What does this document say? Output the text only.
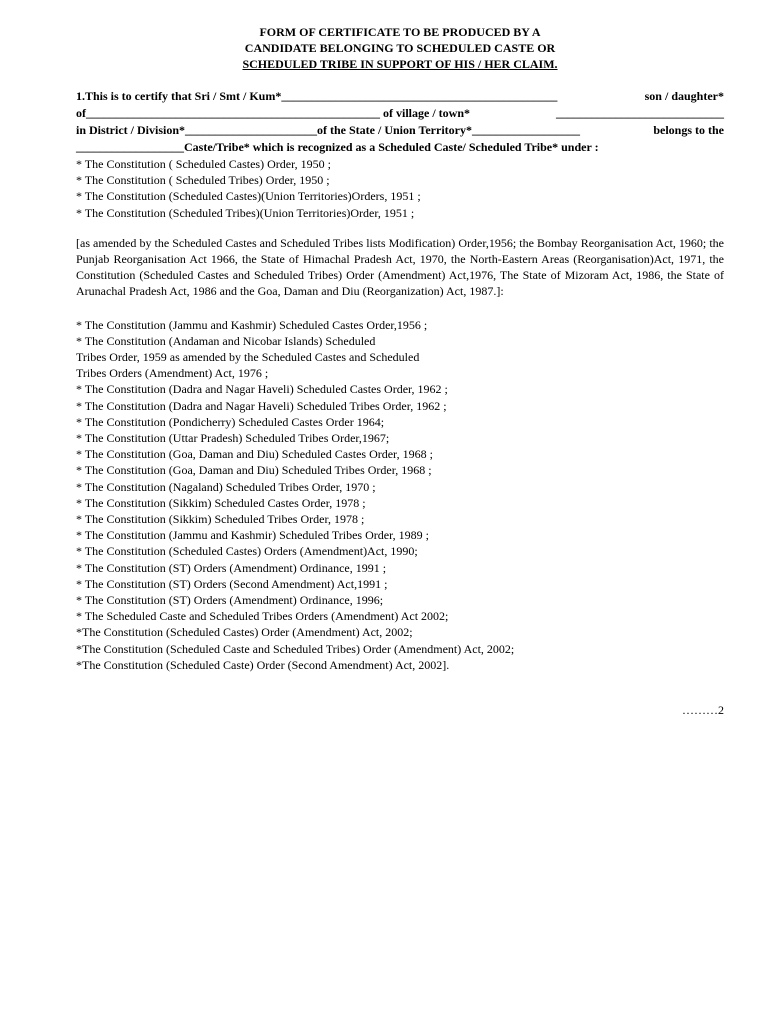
FORM OF CERTIFICATE TO BE PRODUCED BY A
CANDIDATE BELONGING TO SCHEDULED CASTE OR
SCHEDULED TRIBE IN SUPPORT OF HIS / HER CLAIM.
1.This is to certify that Sri / Smt / Kum*______________________________________________	son / daughter*
of_________________________________________________ of village / town*	____________________________
in District / Division*______________________of the State / Union Territory*__________________	belongs to the
__________________Caste/Tribe* which is recognized as a Scheduled Caste/ Scheduled Tribe* under :
* The Constitution ( Scheduled Castes) Order, 1950 ;
* The Constitution ( Scheduled Tribes) Order, 1950 ;
* The Constitution (Scheduled Castes)(Union Territories)Orders, 1951 ;
* The Constitution (Scheduled Tribes)(Union Territories)Order, 1951 ;
[as amended by the Scheduled Castes and Scheduled Tribes lists Modification) Order,1956; the Bombay Reorganisation Act, 1960; the Punjab Reorganisation Act 1966, the State of Himachal Pradesh Act, 1970, the North-Eastern Areas (Reorganisation)Act, 1971, the Constitution (Scheduled Castes and Scheduled Tribes) Order (Amendment) Act,1976, The State of Mizoram Act, 1986, the State of Arunachal Pradesh Act, 1986 and the Goa, Daman and Diu (Reorganization) Act, 1987.]:
* The Constitution (Jammu and Kashmir) Scheduled Castes Order,1956 ;
* The Constitution (Andaman and Nicobar Islands) Scheduled
Tribes Order, 1959 as amended by the Scheduled Castes and Scheduled
Tribes Orders (Amendment) Act, 1976 ;
* The Constitution (Dadra and Nagar Haveli) Scheduled Castes Order, 1962 ;
* The Constitution (Dadra and Nagar Haveli) Scheduled Tribes Order, 1962 ;
* The Constitution (Pondicherry) Scheduled Castes Order 1964;
* The Constitution (Uttar Pradesh) Scheduled Tribes Order,1967;
* The Constitution (Goa, Daman and Diu) Scheduled Castes Order, 1968 ;
* The Constitution (Goa, Daman and Diu) Scheduled Tribes Order, 1968 ;
* The Constitution (Nagaland) Scheduled Tribes Order, 1970 ;
* The Constitution (Sikkim) Scheduled Castes Order, 1978 ;
* The Constitution (Sikkim) Scheduled Tribes Order, 1978 ;
* The Constitution (Jammu and Kashmir) Scheduled Tribes Order, 1989 ;
* The Constitution (Scheduled Castes) Orders (Amendment)Act, 1990;
* The Constitution (ST) Orders (Amendment) Ordinance, 1991 ;
* The Constitution (ST) Orders (Second Amendment) Act,1991 ;
* The Constitution (ST) Orders (Amendment) Ordinance, 1996;
* The Scheduled Caste and Scheduled Tribes Orders (Amendment) Act 2002;
*The Constitution (Scheduled Castes) Order (Amendment) Act, 2002;
*The Constitution (Scheduled Caste and Scheduled Tribes) Order (Amendment) Act, 2002;
*The Constitution (Scheduled Caste) Order (Second Amendment) Act, 2002].
………2
